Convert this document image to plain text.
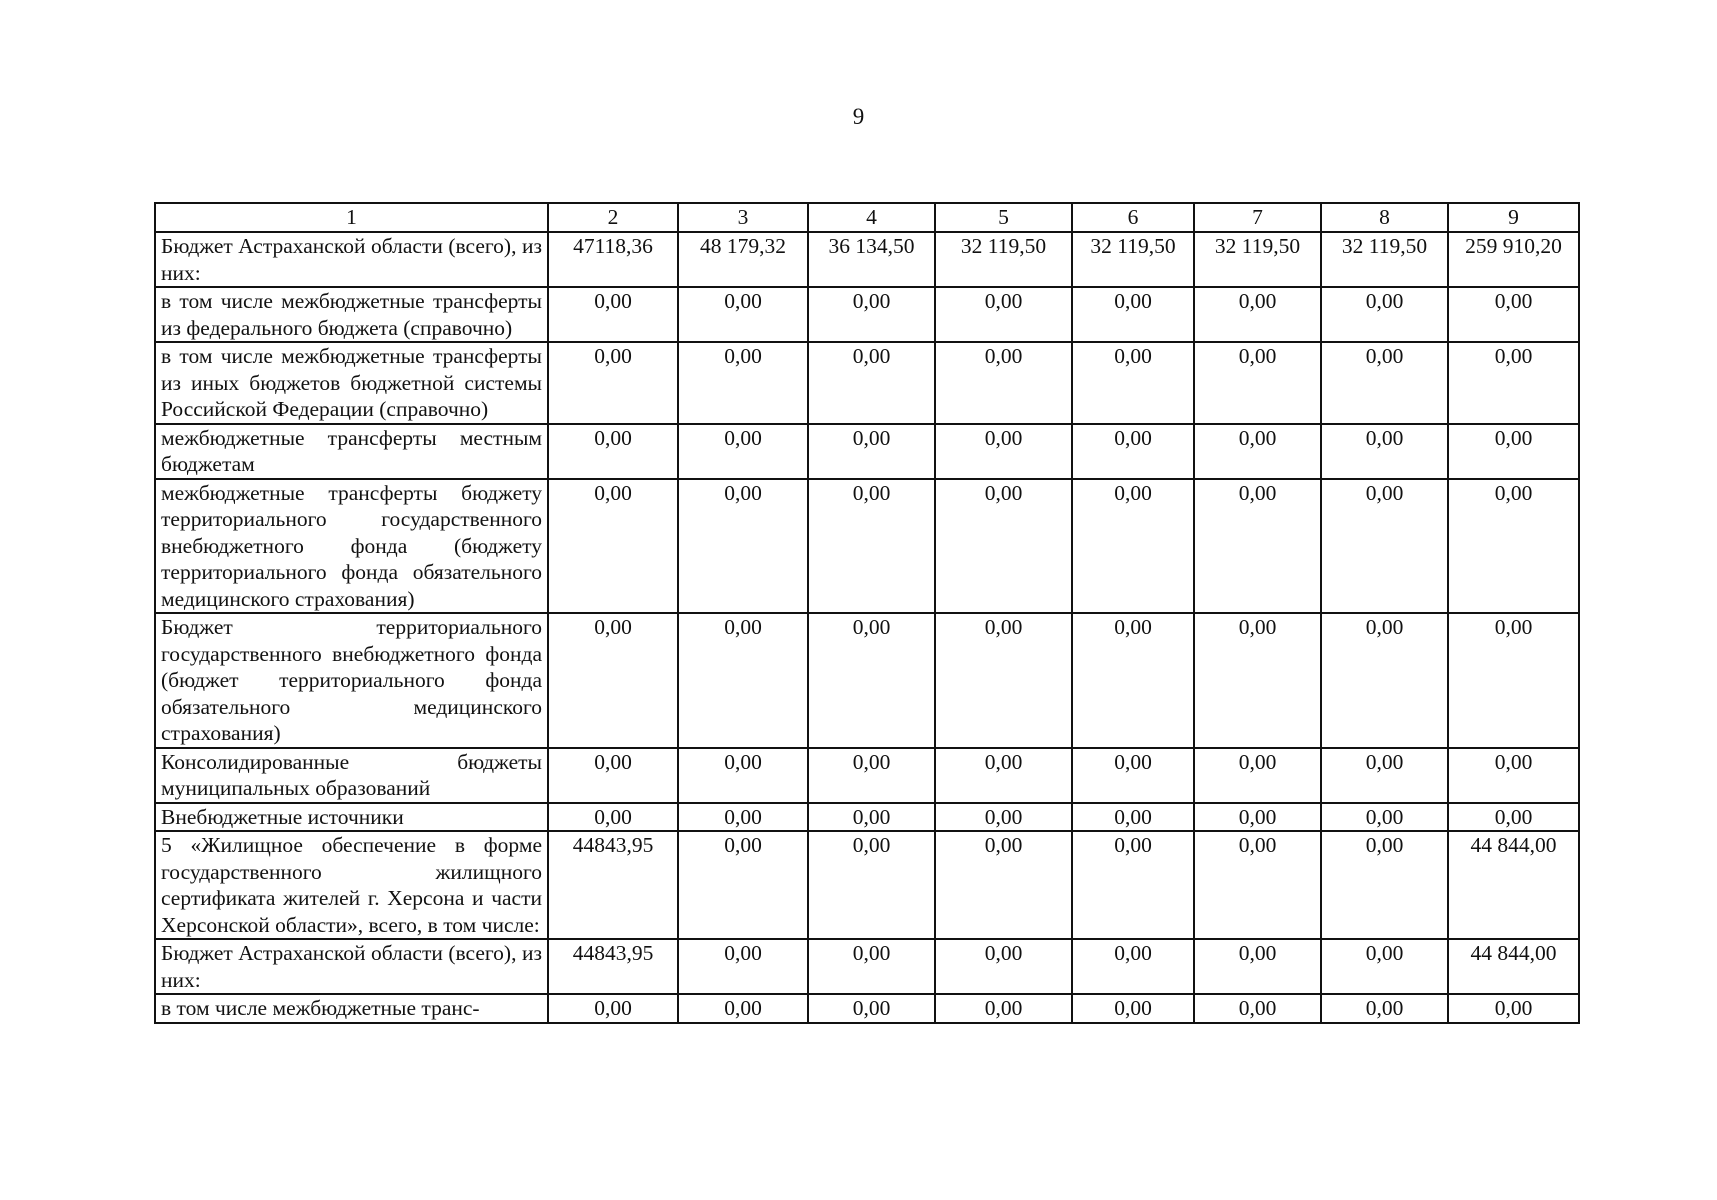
9
1	2	3	4	5	6	7	8	9
Бюджет Астраханской области (всего), из них:	47118,36	48 179,32	36 134,50	32 119,50	32 119,50	32 119,50	32 119,50	259 910,20
в том числе межбюджетные трансферты из федерального бюджета (справочно)	0,00	0,00	0,00	0,00	0,00	0,00	0,00	0,00
в том числе межбюджетные трансферты из иных бюджетов бюджетной системы Российской Федерации (справочно)	0,00	0,00	0,00	0,00	0,00	0,00	0,00	0,00
межбюджетные трансферты местным бюджетам	0,00	0,00	0,00	0,00	0,00	0,00	0,00	0,00
межбюджетные трансферты бюджету территориального государственного внебюджетного фонда (бюджету территориального фонда обязательного медицинского страхования)	0,00	0,00	0,00	0,00	0,00	0,00	0,00	0,00
Бюджет территориального государственного внебюджетного фонда (бюджет территориального фонда обязательного медицинского страхования)	0,00	0,00	0,00	0,00	0,00	0,00	0,00	0,00
Консолидированные бюджеты муниципальных образований	0,00	0,00	0,00	0,00	0,00	0,00	0,00	0,00
Внебюджетные источники	0,00	0,00	0,00	0,00	0,00	0,00	0,00	0,00
5 «Жилищное обеспечение в форме государственного жилищного сертификата жителей г. Херсона и части Херсонской области», всего, в том числе:	44843,95	0,00	0,00	0,00	0,00	0,00	0,00	44 844,00
Бюджет Астраханской области (всего), из них:	44843,95	0,00	0,00	0,00	0,00	0,00	0,00	44 844,00
в том числе межбюджетные транс-	0,00	0,00	0,00	0,00	0,00	0,00	0,00	0,00
